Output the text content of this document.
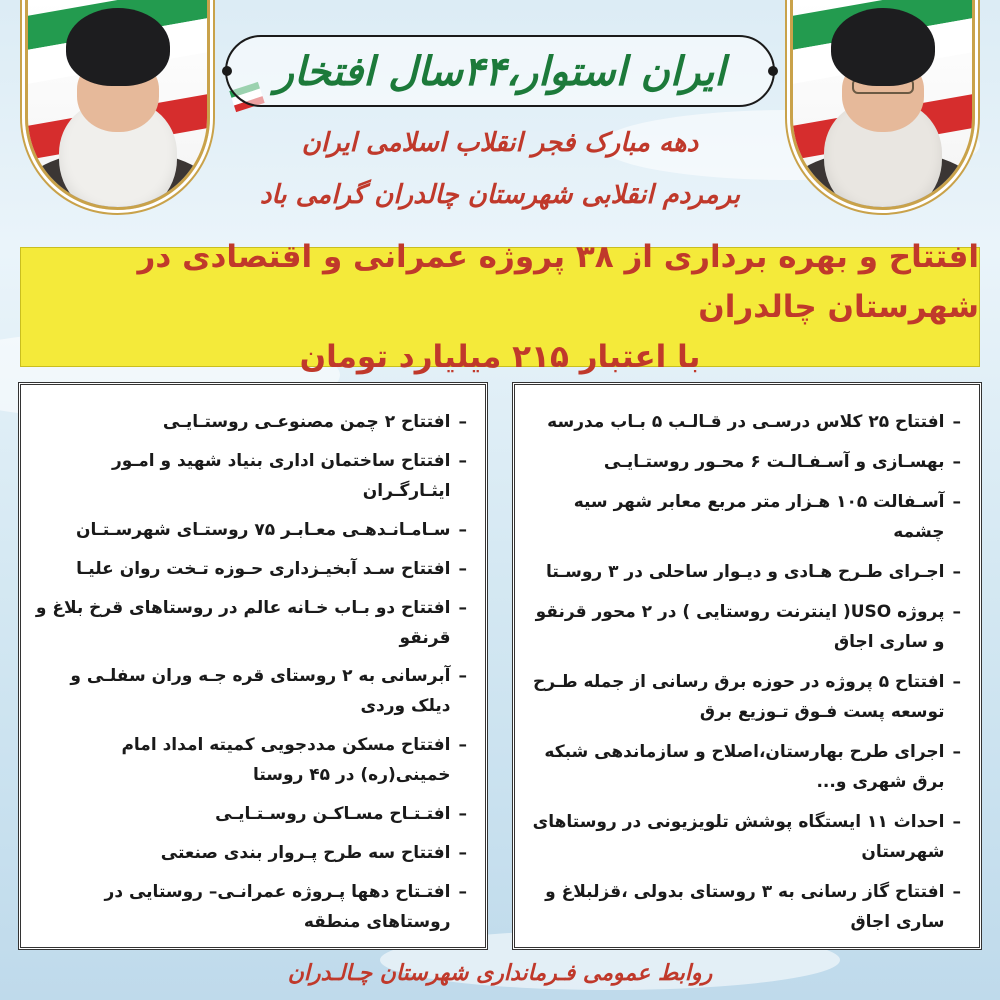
ایران استوار،۴۴سال افتخار
دهه مبارک فجر انقلاب اسلامی ایران
برمردم انقلابی شهرستان چالدران گرامی باد
افتتاح و بهره برداری از ۳۸ پروژه عمرانی و اقتصادی در شهرستان چالدران
با اعتبار ۲۱۵ میلیارد تومان
–
افتتاح ۲۵ کلاس درسـی در قـالـب ۵ بـاب مدرسه
–
بهسـازی و آسـفـالـت ۶ محـور روستـایـی
–
آسـفالت ۱۰۵ هـزار متر مربع معابر شهر سیه چشمه
–
اجـرای طـرح هـادی و دیـوار ساحلی در ۳ روسـتا
–
پروژه USO( اینترنت روستایی ) در ۲ محور قرنقو و ساری اجاق
–
افتتاح ۵ پروژه در حوزه برق رسانی از جمله طـرح توسعه پست فـوق تـوزیع برق
–
اجرای طرح بهارستان،اصلاح و سازماندهی شبکه برق شهری و...
–
احداث ۱۱ ایستگاه پوشش تلویزیونی در روستاهای شهرستان
–
افتتاح گاز رسانی به ۳ روستای بدولی ،قزلبلاغ و ساری اجاق
–
افتتاح ۲ چمن مصنوعـی روستـایـی
–
افتتاح ساختمان اداری بنیاد شهید و امـور ایثـارگـران
–
سـامـانـدهـی معـابـر ۷۵ روستـای شهرسـتـان
–
افتتاح سـد آبخیـزداری حـوزه تـخت روان علیـا
–
افتتاح دو بـاب خـانه عالم در روستاهای قرخ بلاغ و قرنقو
–
آبرسانی به ۲ روستای قره جـه وران سفلـی و دیلک وردی
–
افتتاح مسکن مددجویی کمیته امداد امام خمینی(ره) در ۴۵ روستا
–
افتـتـاح مسـاکـن روسـتـایـی
–
افتتاح سه طرح پـروار بندی صنعتی
–
افتـتاح دهها پـروژه عمرانـی– روستایی در روستاهای منطقه
روابط عمومی فـرمانداری شهرستان چـالـدران
